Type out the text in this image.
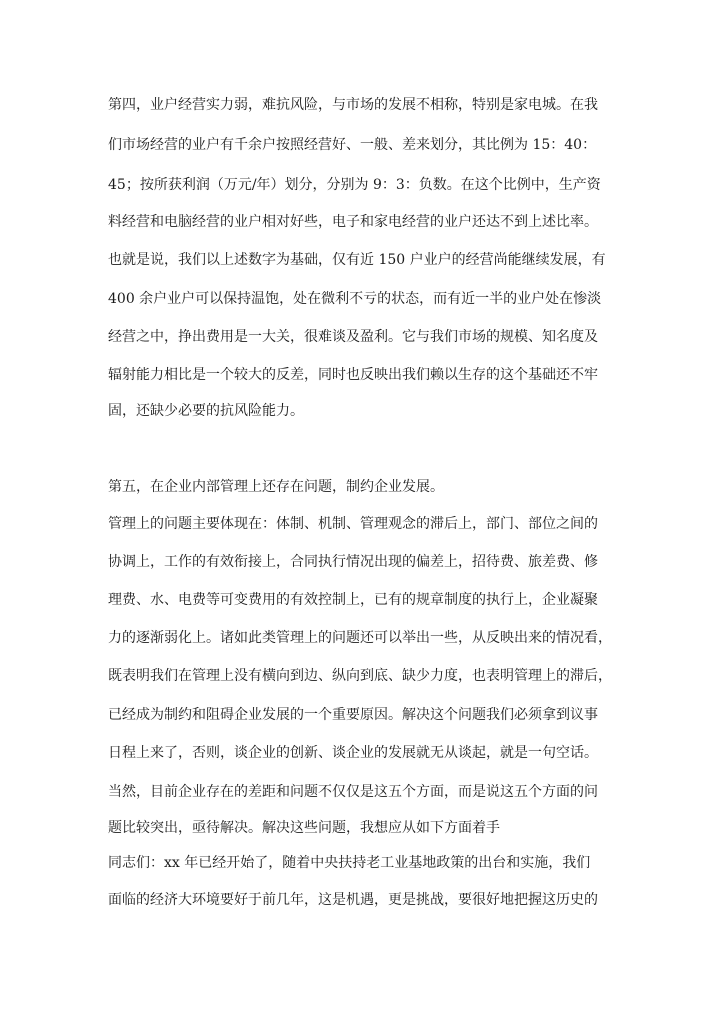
第四，业户经营实力弱，难抗风险，与市场的发展不相称，特别是家电城。在我
们市场经营的业户有千余户按照经营好、一般、差来划分，其比例为 15：40：
45；按所获利润（万元/年）划分，分别为 9：3：负数。在这个比例中，生产资
料经营和电脑经营的业户相对好些，电子和家电经营的业户还达不到上述比率。
也就是说，我们以上述数字为基础，仅有近 150 户业户的经营尚能继续发展，有
400 余户业户可以保持温饱，处在微利不亏的状态，而有近一半的业户处在惨淡
经营之中，挣出费用是一大关，很难谈及盈利。它与我们市场的规模、知名度及
辐射能力相比是一个较大的反差，同时也反映出我们赖以生存的这个基础还不牢
固，还缺少必要的抗风险能力。
第五，在企业内部管理上还存在问题，制约企业发展。
管理上的问题主要体现在：体制、机制、管理观念的滞后上，部门、部位之间的
协调上，工作的有效衔接上，合同执行情况出现的偏差上，招待费、旅差费、修
理费、水、电费等可变费用的有效控制上，已有的规章制度的执行上，企业凝聚
力的逐渐弱化上。诸如此类管理上的问题还可以举出一些，从反映出来的情况看，
既表明我们在管理上没有横向到边、纵向到底、缺少力度，也表明管理上的滞后，
已经成为制约和阻碍企业发展的一个重要原因。解决这个问题我们必须拿到议事
日程上来了，否则，谈企业的创新、谈企业的发展就无从谈起，就是一句空话。
当然，目前企业存在的差距和问题不仅仅是这五个方面，而是说这五个方面的问
题比较突出，亟待解决。解决这些问题，我想应从如下方面着手
同志们：xx 年已经开始了，随着中央扶持老工业基地政策的出台和实施，我们
面临的经济大环境要好于前几年，这是机遇，更是挑战，要很好地把握这历史的
